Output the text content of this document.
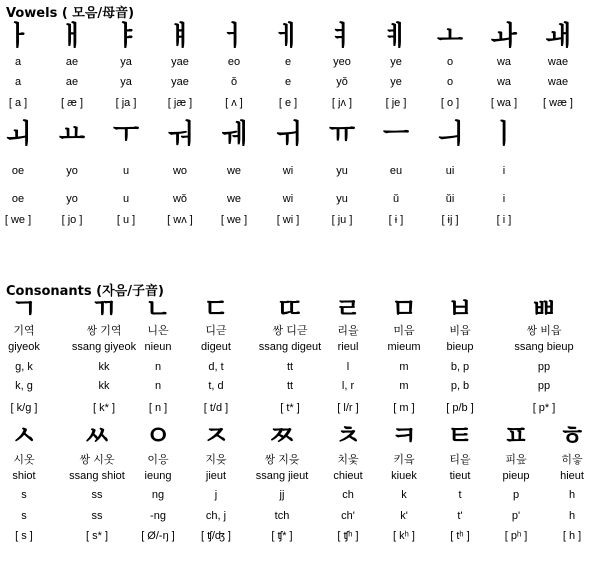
Vowels ( 모음/母音)
ㅏ
a
a
[ a ]
ㅐ
ae
ae
[ æ ]
ㅑ
ya
ya
[ ja ]
ㅒ
yae
yae
[ jæ ]
ㅓ
eo
ŏ
[ ʌ ]
ㅔ
e
e
[ e ]
ㅕ
yeo
yŏ
[ jʌ ]
ㅖ
ye
ye
[ je ]
ㅗ
o
o
[ o ]
ㅘ
wa
wa
[ wa ]
ㅙ
wae
wae
[ wæ ]
ㅚ
oe
oe
[ we ]
ㅛ
yo
yo
[ jo ]
ㅜ
u
u
[ u ]
ㅝ
wo
wŏ
[ wʌ ]
ㅞ
we
we
[ we ]
ㅟ
wi
wi
[ wi ]
ㅠ
yu
yu
[ ju ]
ㅡ
eu
ŭ
[ ɨ ]
ㅢ
ui
ŭi
[ ɨj ]
ㅣ
i
i
[ i ]
Consonants (자음/子音)
ㄱ
기역
giyeok
g, k
k, g
[ k/g ]
ㄲ
쌍 기역
ssang giyeok
kk
kk
[ k* ]
ㄴ
니은
nieun
n
n
[ n ]
ㄷ
디귿
digeut
d, t
t, d
[ t/d ]
ㄸ
쌍 디귿
ssang digeut
tt
tt
[ t* ]
ㄹ
리을
rieul
l
l, r
[ l/r ]
ㅁ
미음
mieum
m
m
[ m ]
ㅂ
비읍
bieup
b, p
p, b
[ p/b ]
ㅃ
쌍 비읍
ssang bieup
pp
pp
[ p* ]
ㅅ
시옷
shiot
s
s
[ s ]
ㅆ
쌍 시옷
ssang shiot
ss
ss
[ s* ]
ㅇ
이응
ieung
ng
-ng
[ Ø/-ŋ ]
ㅈ
지읒
jieut
j
ch, j
[ ʧ/ʤ ]
ㅉ
쌍 지읒
ssang jieut
jj
tch
[ ʧ* ]
ㅊ
치읓
chieut
ch
ch'
[ ʧʰ ]
ㅋ
키읔
kiuek
k
k'
[ kʰ ]
ㅌ
티읕
tieut
t
t'
[ tʰ ]
ㅍ
피읖
pieup
p
p'
[ pʰ ]
ㅎ
히읗
hieut
h
h
[ h ]
